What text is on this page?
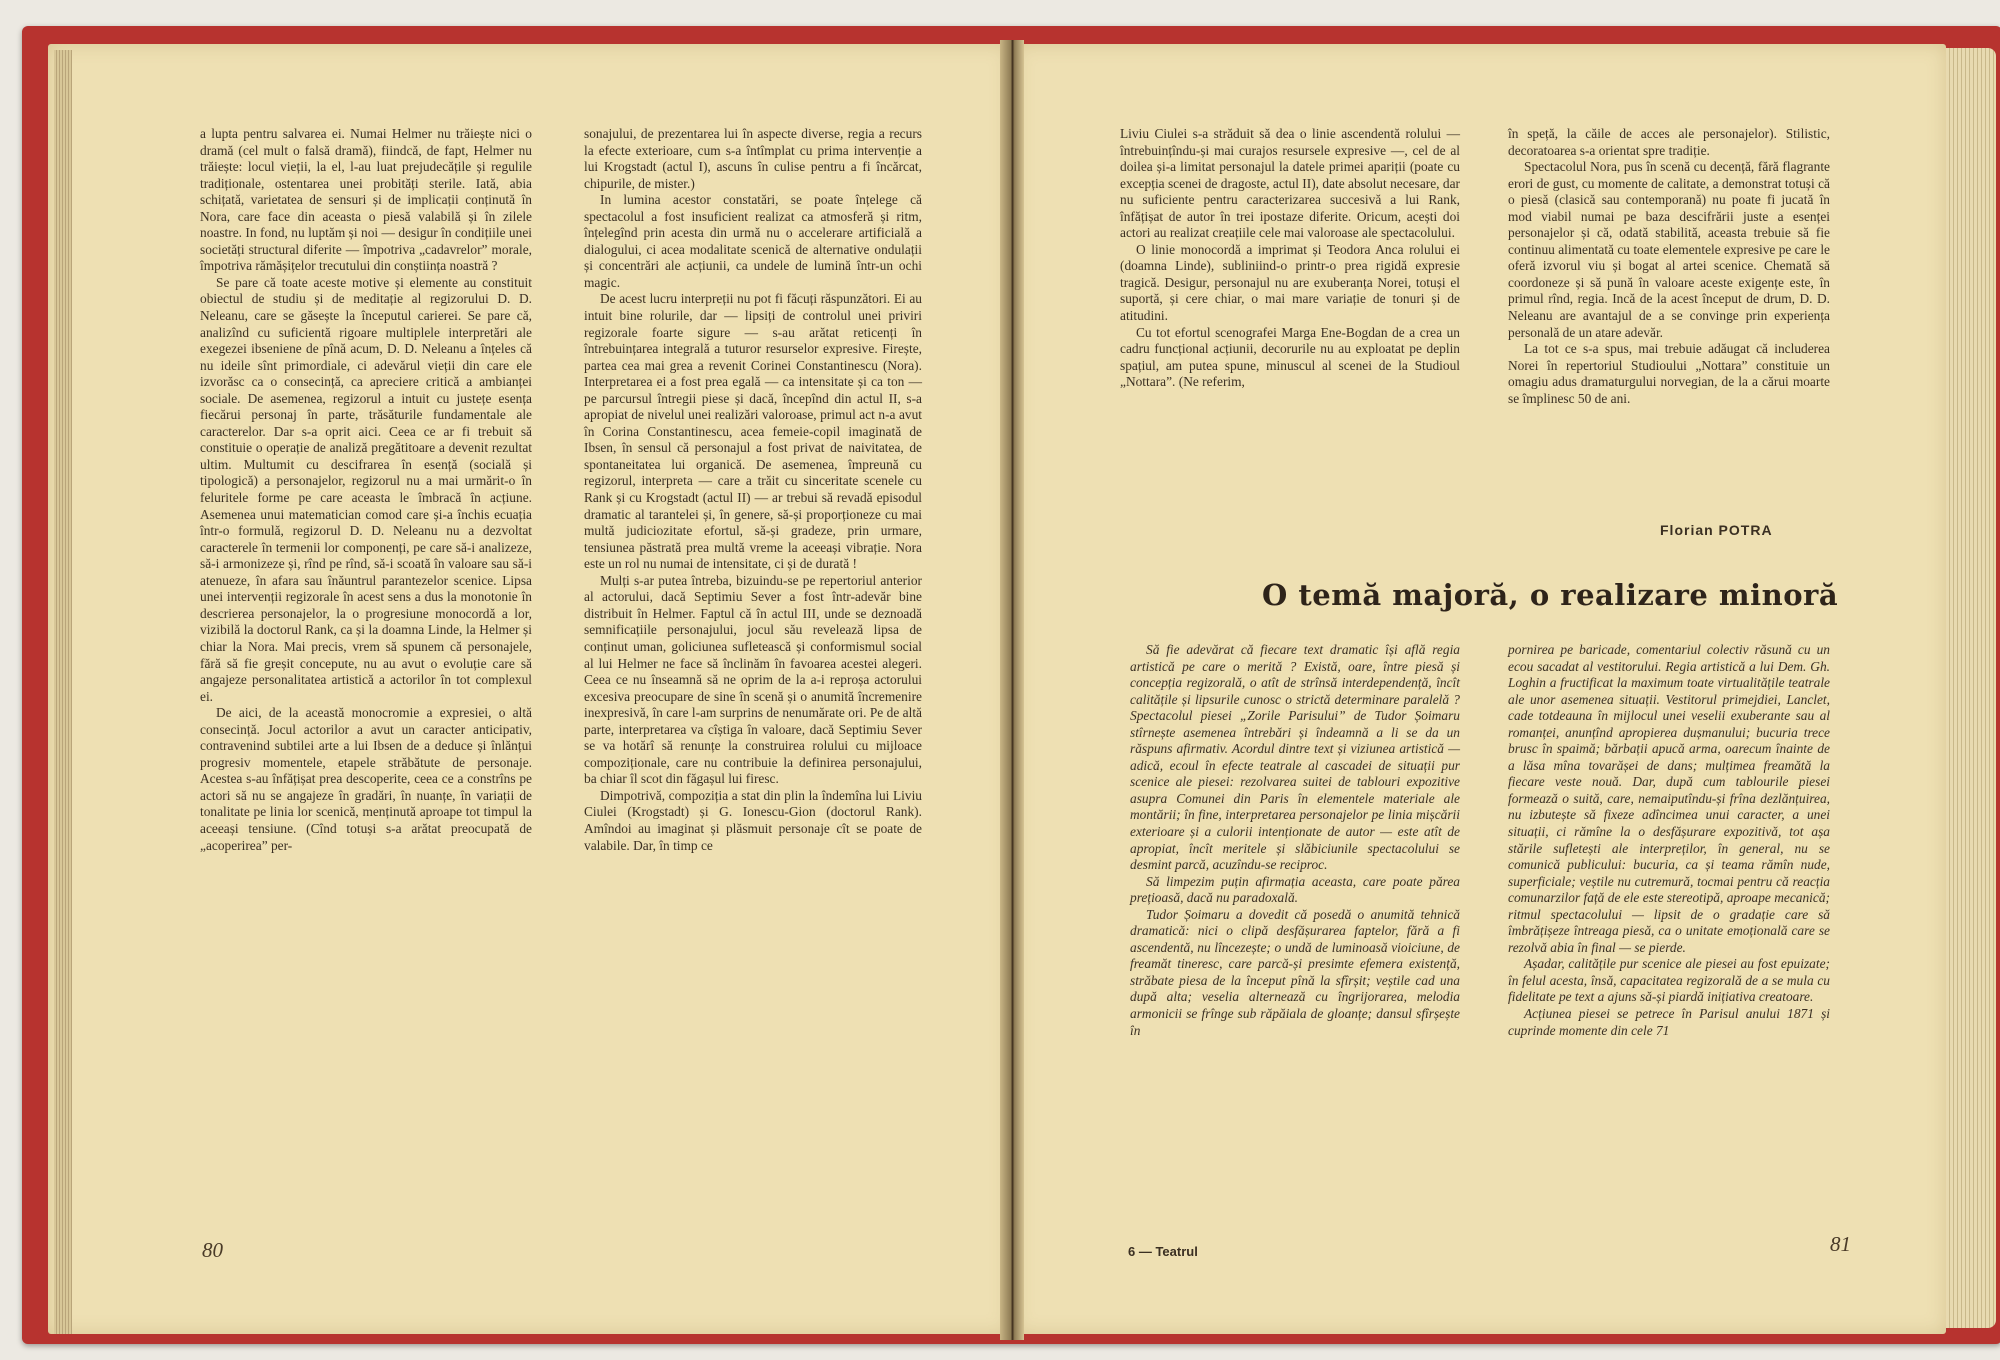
a lupta pentru salvarea ei. Numai Helmer nu trăiește nici o dramă (cel mult o falsă dramă), fiindcă, de fapt, Helmer nu trăiește: locul vieții, la el, l-au luat prejudecățile și regulile tradiționale, ostentarea unei probități sterile. Iată, abia schițată, varietatea de sensuri și de implicații conținută în Nora, care face din aceasta o piesă valabilă și în zilele noastre. In fond, nu luptăm și noi — desigur în condițiile unei societăți structural diferite — împotriva „cadavrelor” morale, împotriva rămășițelor trecutului din conștiința noastră ?

Se pare că toate aceste motive și elemente au constituit obiectul de studiu și de meditație al regizorului D. D. Neleanu, care se găsește la începutul carierei. Se pare că, analizînd cu suficientă rigoare multiplele interpretări ale exegezei ibseniene de pînă acum, D. D. Neleanu a înțeles că nu ideile sînt primordiale, ci adevărul vieții din care ele izvorăsc ca o consecință, ca apreciere critică a ambianței sociale. De asemenea, regizorul a intuit cu justețe esența fiecărui personaj în parte, trăsăturile fundamentale ale caracterelor. Dar s-a oprit aici. Ceea ce ar fi trebuit să constituie o operație de analiză pregătitoare a devenit rezultat ultim. Multumit cu descifrarea în esență (socială și tipologică) a personajelor, regizorul nu a mai urmărit-o în feluritele forme pe care aceasta le îmbracă în acțiune. Asemenea unui matematician comod care și-a închis ecuația într-o formulă, regizorul D. D. Neleanu nu a dezvoltat caracterele în termenii lor componenți, pe care să-i analizeze, să-i armonizeze și, rînd pe rînd, să-i scoată în valoare sau să-i atenueze, în afara sau înăuntrul parantezelor scenice. Lipsa unei intervenții regizorale în acest sens a dus la monotonie în descrierea personajelor, la o progresiune monocordă a lor, vizibilă la doctorul Rank, ca și la doamna Linde, la Helmer și chiar la Nora. Mai precis, vrem să spunem că personajele, fără să fie greșit concepute, nu au avut o evoluție care să angajeze personalitatea artistică a actorilor în tot complexul ei.

De aici, de la această monocromie a expresiei, o altă consecință. Jocul actorilor a avut un caracter anticipativ, contravenind subtilei arte a lui Ibsen de a deduce și înlănțui progresiv momentele, etapele străbătute de personaje. Acestea s-au înfățișat prea descoperite, ceea ce a constrîns pe actori să nu se angajeze în gradări, în nuanțe, în variații de tonalitate pe linia lor scenică, menținută aproape tot timpul la aceeași tensiune. (Cînd totuși s-a arătat preocupată de „acoperirea” per-

sonajului, de prezentarea lui în aspecte diverse, regia a recurs la efecte exterioare, cum s-a întîmplat cu prima intervenție a lui Krogstadt (actul I), ascuns în culise pentru a fi încărcat, chipurile, de mister.)

In lumina acestor constatări, se poate înțelege că spectacolul a fost insuficient realizat ca atmosferă și ritm, înțelegînd prin acesta din urmă nu o accelerare artificială a dialogului, ci acea modalitate scenică de alternative ondulații și concentrări ale acțiunii, ca undele de lumină într-un ochi magic.

De acest lucru interpreții nu pot fi făcuți răspunzători. Ei au intuit bine rolurile, dar — lipsiți de controlul unei priviri regizorale foarte sigure — s-au arătat reticenți în întrebuințarea integrală a tuturor resurselor expresive. Firește, partea cea mai grea a revenit Corinei Constantinescu (Nora). Interpretarea ei a fost prea egală — ca intensitate și ca ton — pe parcursul întregii piese și dacă, începînd din actul II, s-a apropiat de nivelul unei realizări valoroase, primul act n-a avut în Corina Constantinescu, acea femeie-copil imaginată de Ibsen, în sensul că personajul a fost privat de naivitatea, de spontaneitatea lui organică. De asemenea, împreună cu regizorul, interpreta — care a trăit cu sinceritate scenele cu Rank și cu Krogstadt (actul II) — ar trebui să revadă episodul dramatic al tarantelei și, în genere, să-și proporționeze cu mai multă judiciozitate efortul, să-și gradeze, prin urmare, tensiunea păstrată prea multă vreme la aceeași vibrație. Nora este un rol nu numai de intensitate, ci și de durată !

Mulți s-ar putea întreba, bizuindu-se pe repertoriul anterior al actorului, dacă Septimiu Sever a fost într-adevăr bine distribuit în Helmer. Faptul că în actul III, unde se deznoadă semnificațiile personajului, jocul său revelează lipsa de conținut uman, goliciunea sufletească și conformismul social al lui Helmer ne face să înclinăm în favoarea acestei alegeri. Ceea ce nu înseamnă să ne oprim de la a-i reproșa actorului excesiva preocupare de sine în scenă și o anumită încremenire inexpresivă, în care l-am surprins de nenumărate ori. Pe de altă parte, interpretarea va cîștiga în valoare, dacă Septimiu Sever se va hotărî să renunțe la construirea rolului cu mijloace compoziționale, care nu contribuie la definirea personajului, ba chiar îl scot din făgașul lui firesc.

Dimpotrivă, compoziția a stat din plin la îndemîna lui Liviu Ciulei (Krogstadt) și G. Ionescu-Gion (doctorul Rank). Amîndoi au imaginat și plăsmuit personaje cît se poate de valabile. Dar, în timp ce

80

Liviu Ciulei s-a străduit să dea o linie ascendentă rolului — întrebuințîndu-și mai curajos resursele expresive —, cel de al doilea și-a limitat personajul la datele primei apariții (poate cu excepția scenei de dragoste, actul II), date absolut necesare, dar nu suficiente pentru caracterizarea succesivă a lui Rank, înfățișat de autor în trei ipostaze diferite. Oricum, acești doi actori au realizat creațiile cele mai valoroase ale spectacolului.

O linie monocordă a imprimat și Teodora Anca rolului ei (doamna Linde), subliniind-o printr-o prea rigidă expresie tragică. Desigur, personajul nu are exuberanța Norei, totuși el suportă, și cere chiar, o mai mare variație de tonuri și de atitudini.

Cu tot efortul scenografei Marga Ene-Bogdan de a crea un cadru funcțional acțiunii, decorurile nu au exploatat pe deplin spațiul, am putea spune, minuscul al scenei de la Studioul „Nottara”. (Ne referim,

în speță, la căile de acces ale personajelor). Stilistic, decoratoarea s-a orientat spre tradiție.

Spectacolul Nora, pus în scenă cu decență, fără flagrante erori de gust, cu momente de calitate, a demonstrat totuși că o piesă (clasică sau contemporană) nu poate fi jucată în mod viabil numai pe baza descifrării juste a esenței personajelor și că, odată stabilită, aceasta trebuie să fie continuu alimentată cu toate elementele expresive pe care le oferă izvorul viu și bogat al artei scenice. Chemată să coordoneze și să pună în valoare aceste exigențe este, în primul rînd, regia. Incă de la acest început de drum, D. D. Neleanu are avantajul de a se convinge prin experiența personală de un atare adevăr.

La tot ce s-a spus, mai trebuie adăugat că includerea Norei în repertoriul Studioului „Nottara” constituie un omagiu adus dramaturgului norvegian, de la a cărui moarte se împlinesc 50 de ani.

Florian POTRA
O temă majoră, o realizare minoră

Să fie adevărat că fiecare text dramatic își află regia artistică pe care o merită ? Există, oare, între piesă și concepția regizorală, o atît de strînsă interdependență, încît calitățile și lipsurile cunosc o strictă determinare paralelă ? Spectacolul piesei „Zorile Parisului” de Tudor Șoimaru stîrnește asemenea întrebări și îndeamnă a li se da un răspuns afirmativ. Acordul dintre text și viziunea artistică — adică, ecoul în efecte teatrale al cascadei de situații pur scenice ale piesei: rezolvarea suitei de tablouri expozitive asupra Comunei din Paris în elementele materiale ale montării; în fine, interpretarea personajelor pe linia mișcării exterioare și a culorii intenționate de autor — este atît de apropiat, încît meritele și slăbiciunile spectacolului se desmint parcă, acuzîndu-se reciproc.

Să limpezim puțin afirmația aceasta, care poate părea prețioasă, dacă nu paradoxală.

Tudor Șoimaru a dovedit că posedă o anumită tehnică dramatică: nici o clipă desfășurarea faptelor, fără a fi ascendentă, nu lîncezește; o undă de luminoasă vioiciune, de freamăt tineresc, care parcă-și presimte efemera existență, străbate piesa de la început pînă la sfîrșit; veștile cad una după alta; veselia alternează cu îngrijorarea, melodia armonicii se frînge sub răpăiala de gloanțe; dansul sfîrșește în

pornirea pe baricade, comentariul colectiv răsună cu un ecou sacadat al vestitorului. Regia artistică a lui Dem. Gh. Loghin a fructificat la maximum toate virtualitățile teatrale ale unor asemenea situații. Vestitorul primejdiei, Lanclet, cade totdeauna în mijlocul unei veselii exuberante sau al romanței, anunțînd apropierea dușmanului; bucuria trece brusc în spaimă; bărbații apucă arma, oarecum înainte de a lăsa mîna tovarășei de dans; mulțimea freamătă la fiecare veste nouă. Dar, după cum tablourile piesei formează o suită, care, nemaiputîndu-și frîna dezlănțuirea, nu izbutește să fixeze adîncimea unui caracter, a unei situații, ci rămîne la o desfășurare expozitivă, tot așa stările sufletești ale interpreților, în general, nu se comunică publicului: bucuria, ca și teama rămîn nude, superficiale; veștile nu cutremură, tocmai pentru că reacția comunarzilor față de ele este stereotipă, aproape mecanică; ritmul spectacolului — lipsit de o gradație care să îmbrățișeze întreaga piesă, ca o unitate emoțională care se rezolvă abia în final — se pierde.

Așadar, calitățile pur scenice ale piesei au fost epuizate; în felul acesta, însă, capacitatea regizorală de a se mula cu fidelitate pe text a ajuns să-și piardă inițiativa creatoare.

Acțiunea piesei se petrece în Parisul anului 1871 și cuprinde momente din cele 71

6 — Teatrul	81
